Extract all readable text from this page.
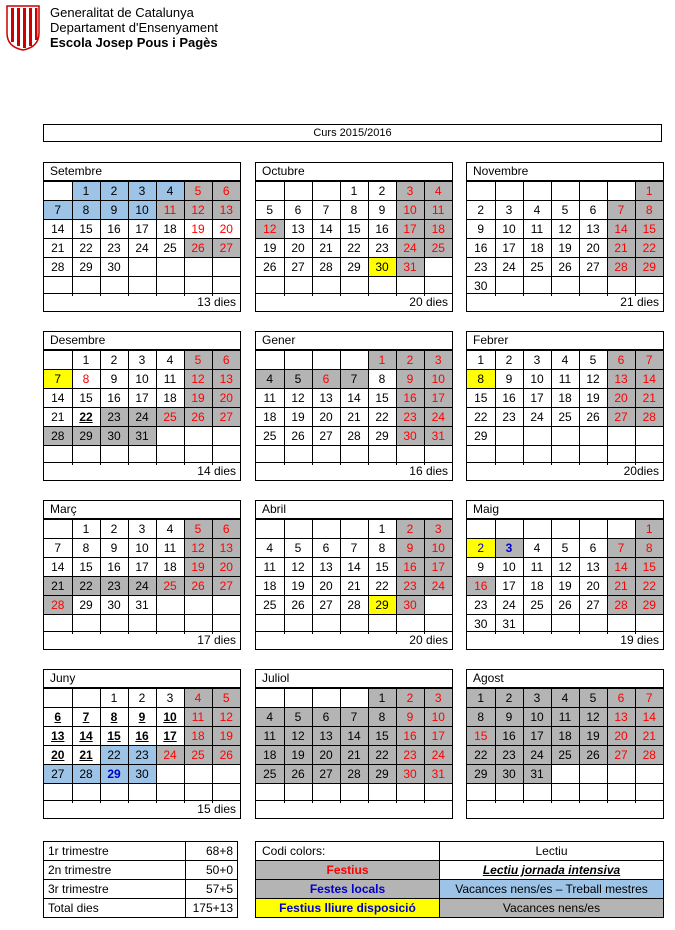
Generalitat de Catalunya
Departament d'Ensenyament
Escola Josep Pous i Pagès
Curs 2015/2016
Setembre
	1	2	3	4	5	6
7	8	9	10	11	12	13
14	15	16	17	18	19	20
21	22	23	24	25	26	27
28	29	30				

13 dies
Octubre
			1	2	3	4
5	6	7	8	9	10	11
12	13	14	15	16	17	18
19	20	21	22	23	24	25
26	27	28	29	30	31	

20 dies
Novembre
						1
2	3	4	5	6	7	8
9	10	11	12	13	14	15
16	17	18	19	20	21	22
23	24	25	26	27	28	29
30						
21 dies
Desembre
	1	2	3	4	5	6
7	8	9	10	11	12	13
14	15	16	17	18	19	20
21	22	23	24	25	26	27
28	29	30	31			

14 dies
Gener
				1	2	3
4	5	6	7	8	9	10
11	12	13	14	15	16	17
18	19	20	21	22	23	24
25	26	27	28	29	30	31

16 dies
Febrer
1	2	3	4	5	6	7
8	9	10	11	12	13	14
15	16	17	18	19	20	21
22	23	24	25	26	27	28
29						

20dies
Març
	1	2	3	4	5	6
7	8	9	10	11	12	13
14	15	16	17	18	19	20
21	22	23	24	25	26	27
28	29	30	31			

17 dies
Abril
				1	2	3
4	5	6	7	8	9	10
11	12	13	14	15	16	17
18	19	20	21	22	23	24
25	26	27	28	29	30	

20 dies
Maig
						1
2	3	4	5	6	7	8
9	10	11	12	13	14	15
16	17	18	19	20	21	22
23	24	25	26	27	28	29
30	31					
19 dies
Juny
		1	2	3	4	5
6	7	8	9	10	11	12
13	14	15	16	17	18	19
20	21	22	23	24	25	26
27	28	29	30			

15 dies
Juliol
				1	2	3
4	5	6	7	8	9	10
11	12	13	14	15	16	17
18	19	20	21	22	23	24
25	26	27	28	29	30	31

Agost
1	2	3	4	5	6	7
8	9	10	11	12	13	14
15	16	17	18	19	20	21
22	23	24	25	26	27	28
29	30	31				

1r trimestre	68+8
2n trimestre	50+0
3r trimestre	57+5
Total dies	175+13
Codi colors:	Lectiu
Festius	Lectiu jornada intensiva
Festes locals	Vacances nens/es – Treball mestres
Festius lliure disposició	Vacances nens/es
